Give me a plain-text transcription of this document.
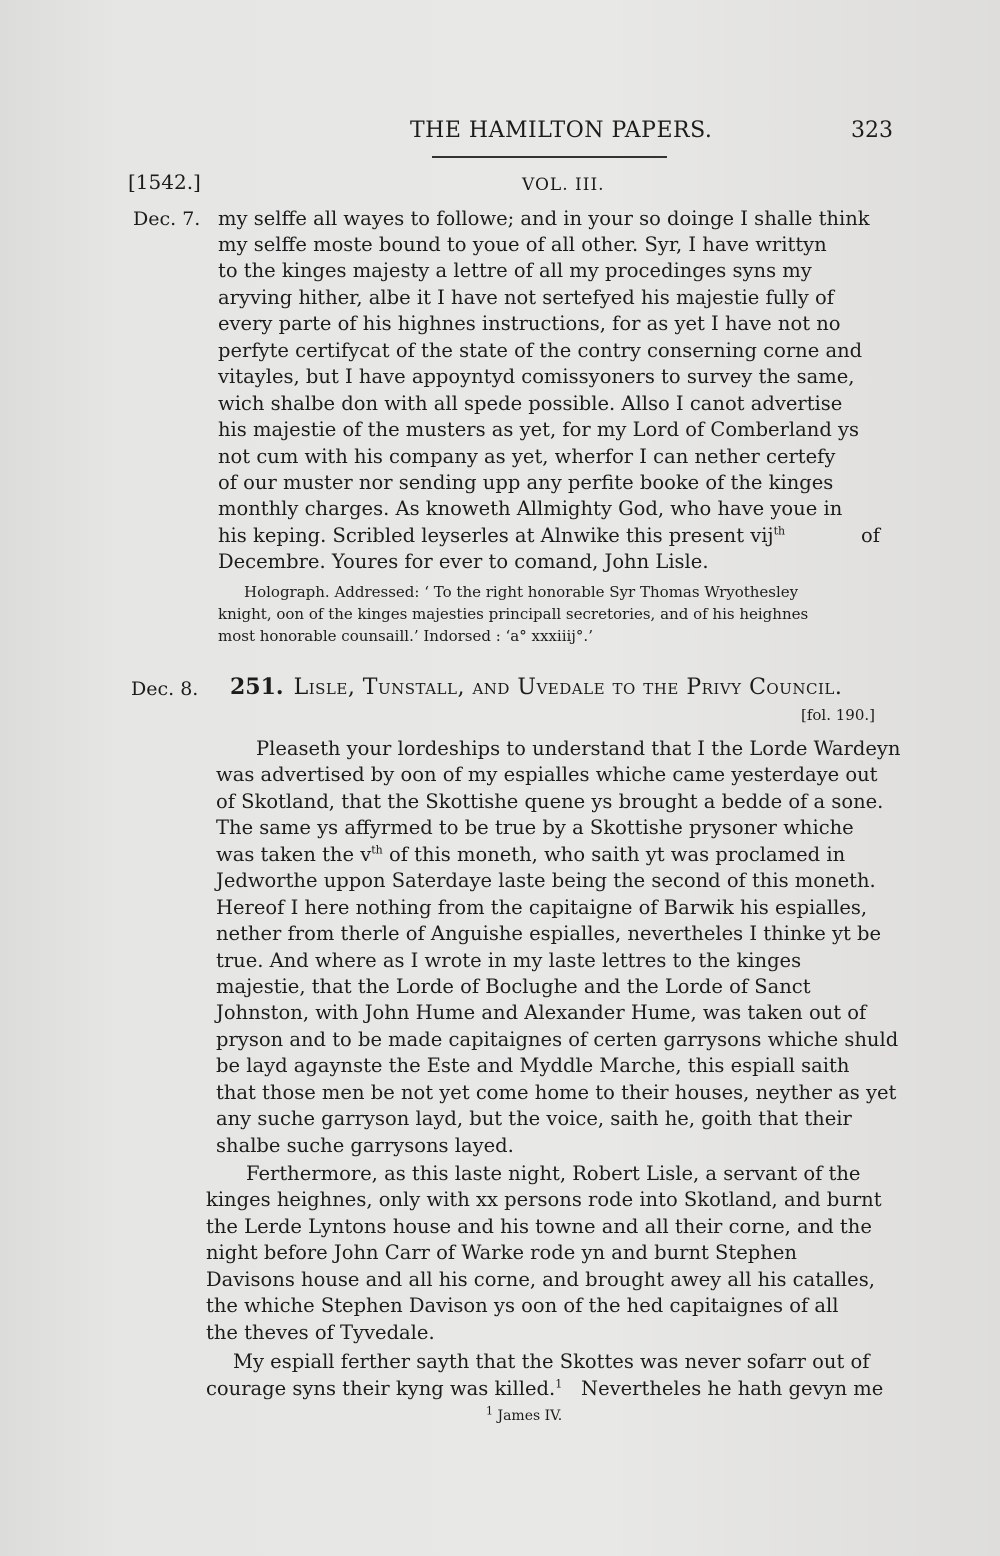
THE HAMILTON PAPERS.	323
[1542.]	VOL. III.
Dec. 7. my selffe all wayes to followe; and in your so doinge I shalle think
my selffe moste bound to youe of all other. Syr, I have writtyn
to the kinges majesty a lettre of all my procedinges syns my
aryving hither, albe it I have not sertefyed his majestie fully of
every parte of his highnes instructions, for as yet I have not no
perfyte certifycat of the state of the contry conserning corne and
vitayles, but I have appoyntyd comissyoners to survey the same,
wich shalbe don with all spede possible. Allso I canot advertise
his majestie of the musters as yet, for my Lord of Comberland ys
not cum with his company as yet, wherfor I can nether certefy
of our muster nor sending upp any perfite booke of the kinges
monthly charges. As knoweth Allmighty God, who have youe in
his keping. Scribled leyserles at Alnwike this present vij$^{th}$	of
Decembre. Youres for ever to comand, John Lisle.
Holograph. Addressed: ‘ To the right honorable Syr Thomas Wryothesley
knight, oon of the kinges majesties principall secretories, and of his heighnes
most honorable counsaill.’ Indorsed : ‘a° xxxiiij°.’
Dec. 8. 251. Lisle, Tunstall, and Uvedale to the Privy Council.
[fol. 190.]
Pleaseth your lordeships to understand that I the Lorde Wardeyn
was advertised by oon of my espialles whiche came yesterdaye out
of Skotland, that the Skottishe quene ys brought a bedde of a sone.
The same ys affyrmed to be true by a Skottishe prysoner whiche
was taken the $v^{th}$ of this moneth, who saith yt was proclamed in
Jedworthe uppon Saterdaye laste being the second of this moneth.
Hereof I here nothing from the capitaigne of Barwik his espialles,
nether from therle of Anguishe espialles, nevertheles I thinke yt be
true. And where as I wrote in my laste lettres to the kinges
majestie, that the Lorde of Boclughe and the Lorde of Sanct
Johnston, with John Hume and Alexander Hume, was taken out of
pryson and to be made capitaignes of certen garrysons whiche shuld
be layd agaynste the Este and Myddle Marche, this espiall saith
that those men be not yet come home to their houses, neyther as yet
any suche garryson layd, but the voice, saith he, goith that their
shalbe suche garrysons layed.
Ferthermore, as this laste night, Robert Lisle, a servant of the
kinges heighnes, only with xx persons rode into Skotland, and burnt
the Lerde Lyntons house and his towne and all their corne, and the
night before John Carr of Warke rode yn and burnt Stephen
Davisons house and all his corne, and brought awey all his catalles,
the whiche Stephen Davison ys oon of the hed capitaignes of all
the theves of Tyvedale.
My espiall ferther sayth that the Skottes was never sofarr out of
courage syns their kyng was killed.$^1$ Nevertheles he hath gevyn me
$^1$ James IV.
